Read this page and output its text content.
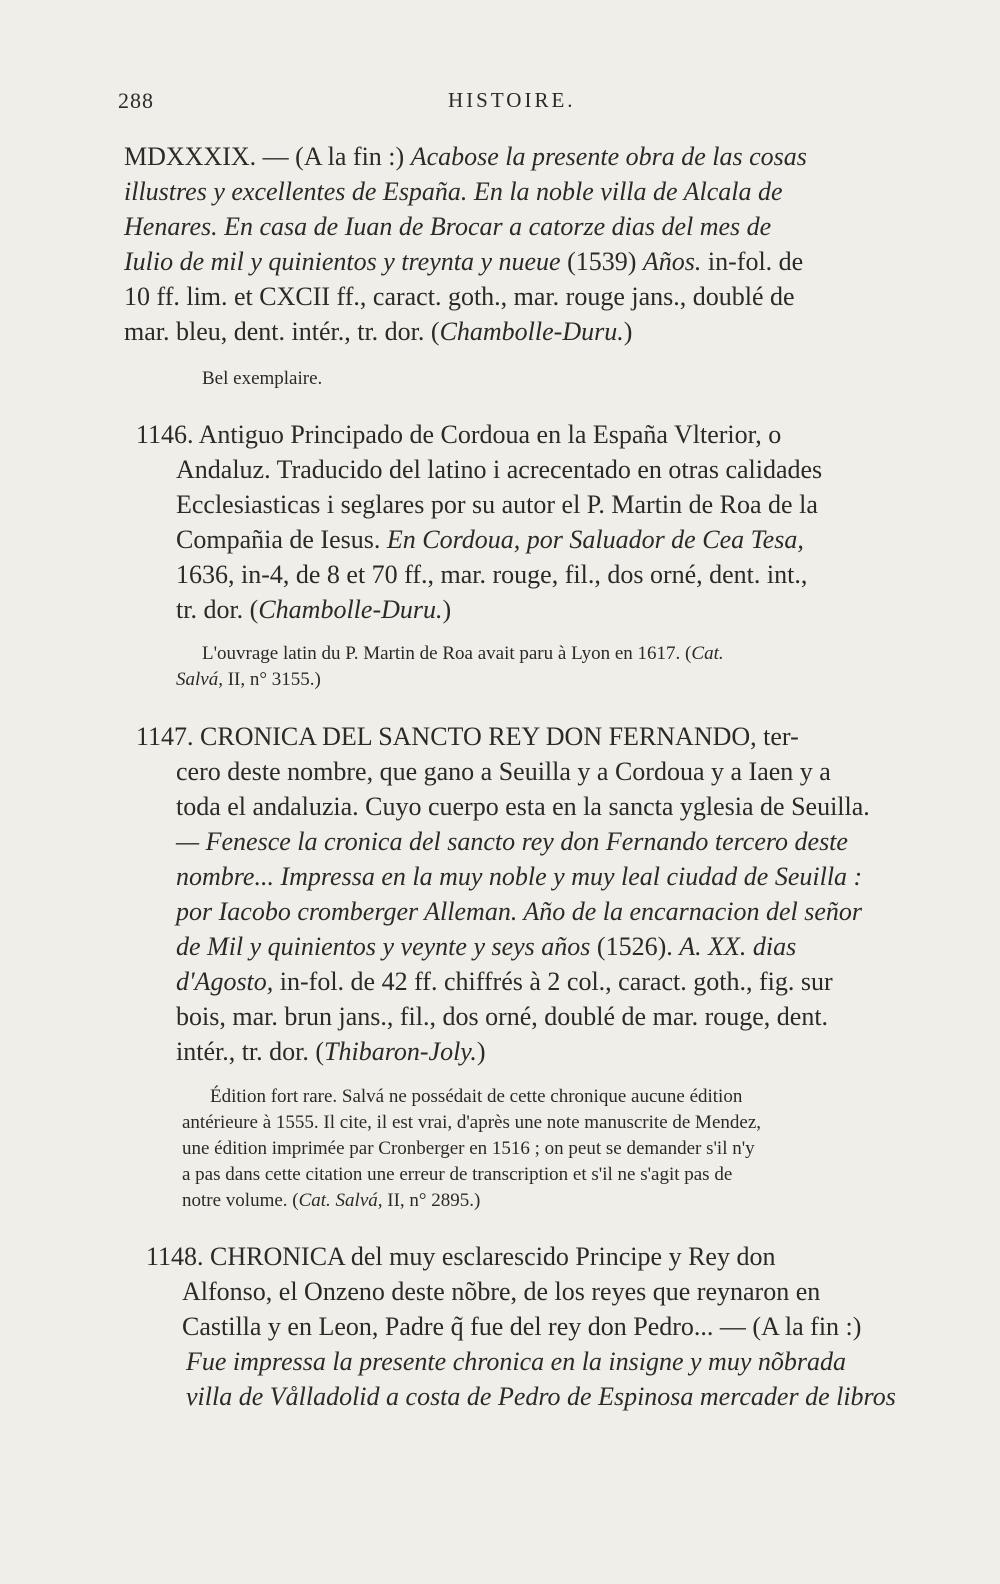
288	HISTOIRE.
MDXXXIX. — (A la fin :) Acabose la presente obra de las cosas
illustres y excellentes de España. En la noble villa de Alcala de
Henares. En casa de Iuan de Brocar a catorze dias del mes de
Iulio de mil y quinientos y treynta y nueue (1539) Años. in-fol. de
10 ff. lim. et CXCII ff., caract. goth., mar. rouge jans., doublé de
mar. bleu, dent. intér., tr. dor. (Chambolle-Duru.)
Bel exemplaire.
1146. Antiguo Principado de Cordoua en la España Vlterior, o
Andaluz. Traducido del latino i acrecentado en otras calidades
Ecclesiasticas i seglares por su autor el P. Martin de Roa de la
Compañia de Iesus. En Cordoua, por Saluador de Cea Tesa,
1636, in-4, de 8 et 70 ff., mar. rouge, fil., dos orné, dent. int.,
tr. dor. (Chambolle-Duru.)
L'ouvrage latin du P. Martin de Roa avait paru à Lyon en 1617. (Cat.
Salvá, II, n° 3155.)
1147. CRONICA DEL SANCTO REY DON FERNANDO, ter-
cero deste nombre, que gano a Seuilla y a Cordoua y a Iaen y a
toda el andaluzia. Cuyo cuerpo esta en la sancta yglesia de Seuilla.
— Fenesce la cronica del sancto rey don Fernando tercero deste
nombre... Impressa en la muy noble y muy leal ciudad de Seuilla :
por Iacobo cromberger Alleman. Año de la encarnacion del señor
de Mil y quinientos y veynte y seys años (1526). A. XX. dias
d'Agosto, in-fol. de 42 ff. chiffrés à 2 col., caract. goth., fig. sur
bois, mar. brun jans., fil., dos orné, doublé de mar. rouge, dent.
intér., tr. dor. (Thibaron-Joly.)
Édition fort rare. Salvá ne possédait de cette chronique aucune édition
antérieure à 1555. Il cite, il est vrai, d'après une note manuscrite de Mendez,
une édition imprimée par Cronberger en 1516 ; on peut se demander s'il n'y
a pas dans cette citation une erreur de transcription et s'il ne s'agit pas de
notre volume. (Cat. Salvá, II, n° 2895.)
1148. CHRONICA del muy esclarescido Principe y Rey don
Alfonso, el Onzeno deste nõbre, de los reyes que reynaron en
Castilla y en Leon, Padre q̃ fue del rey don Pedro... — (A la fin :)
Fue impressa la presente chronica en la insigne y muy nõbrada
villa de Vålladolid a costa de Pedro de Espinosa mercader de libros
